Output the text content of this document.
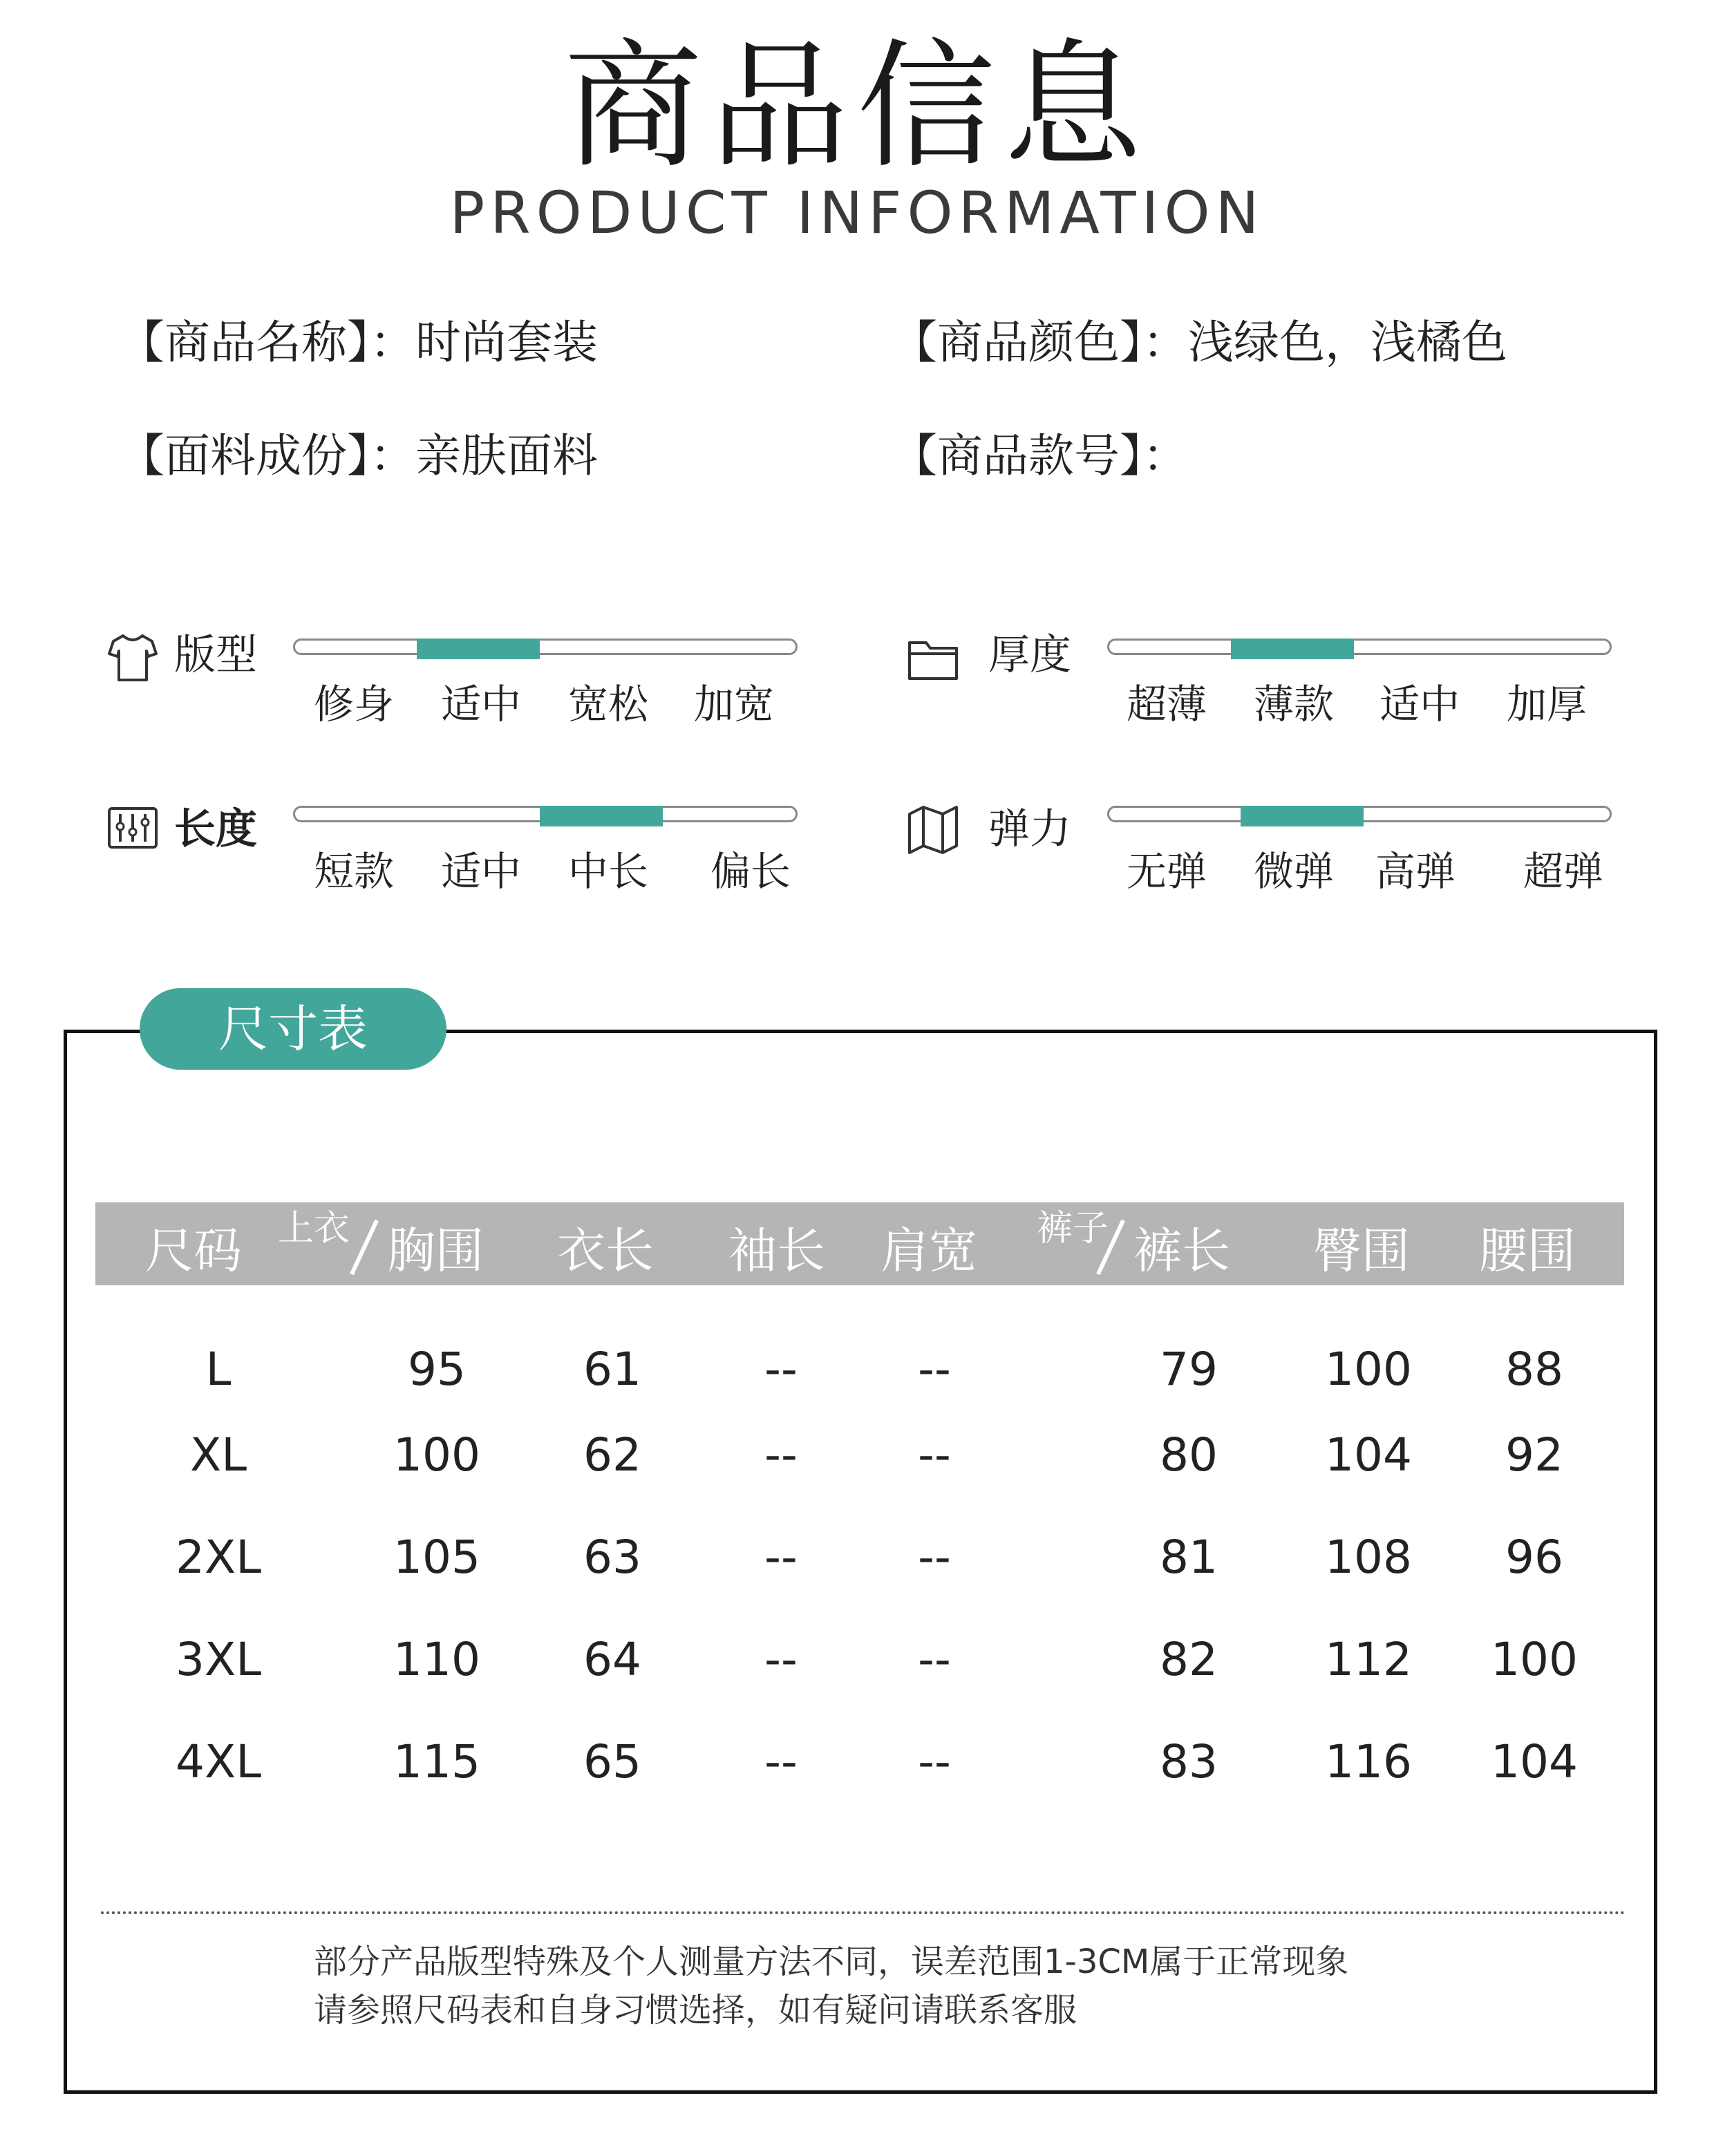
商品信息
PRODUCT INFORMATION
【商品名称】：时尚套装	【商品颜色】：浅绿色，浅橘色
【面料成份】：亲肤面料	【商品款号】：
版型
修身	适中	宽松	加宽
厚度
超薄	薄款	适中	加厚
长度
短款	适中	中长	偏长
弹力
无弹	微弹	高弹	超弹
尺寸表
尺码 上衣 胸围 衣长 袖长 肩宽 裤子 裤长 臀围 腰围
L	95	61	--	--	79	100	88
XL	100	62	--	--	80	104	92
2XL	105	63	--	--	81	108	96
3XL	110	64	--	--	82	112	100
4XL	115	65	--	--	83	116	104
部分产品版型特殊及个人测量方法不同，误差范围1-3CM属于正常现象
请参照尺码表和自身习惯选择，如有疑问请联系客服
